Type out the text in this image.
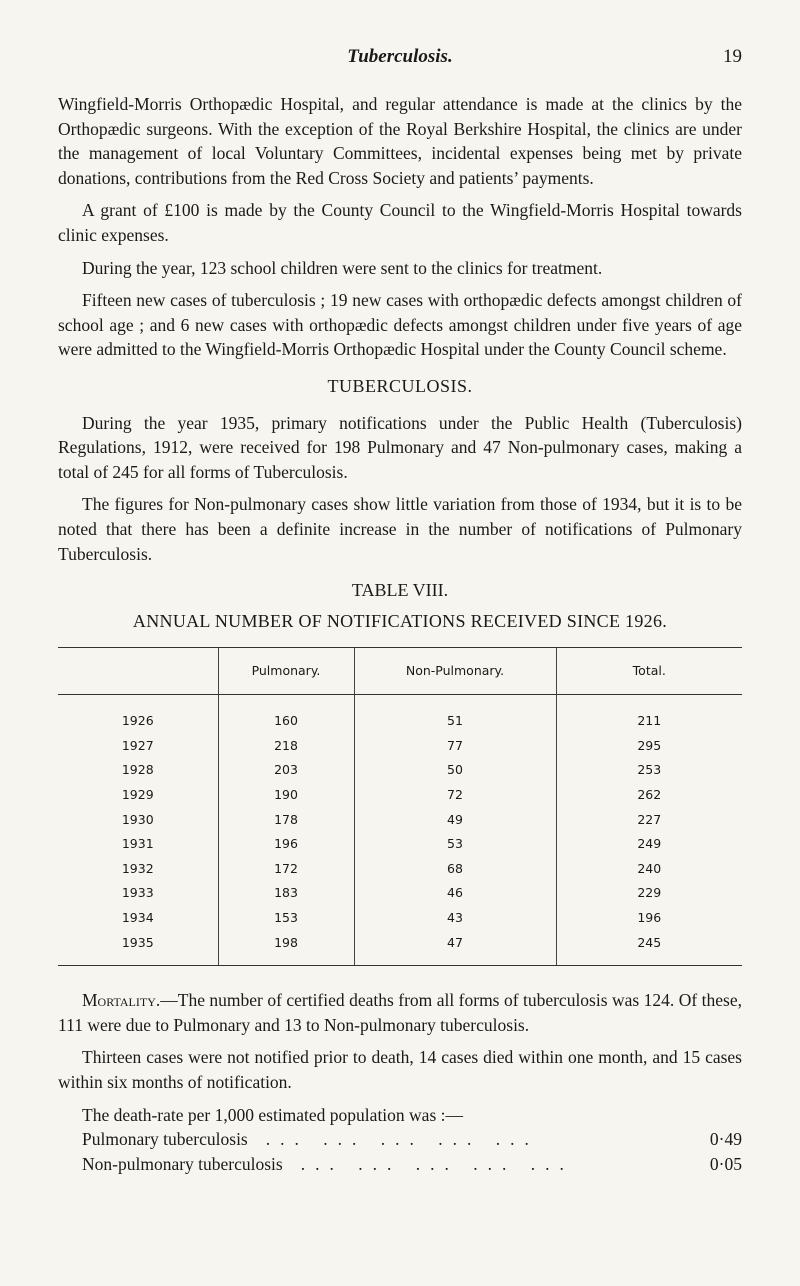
Tuberculosis.	19

Wingfield-Morris Orthopædic Hospital, and regular attendance is made at the clinics by the Orthopædic surgeons. With the exception of the Royal Berkshire Hospital, the clinics are under the management of local Voluntary Committees, incidental expenses being met by private donations, contributions from the Red Cross Society and patients’ payments.

A grant of £100 is made by the County Council to the Wingfield-Morris Hospital towards clinic expenses.

During the year, 123 school children were sent to the clinics for treatment.

Fifteen new cases of tuberculosis ; 19 new cases with orthopædic defects amongst children of school age ; and 6 new cases with orthopædic defects amongst children under five years of age were admitted to the Wingfield-Morris Orthopædic Hospital under the County Council scheme.

TUBERCULOSIS.

During the year 1935, primary notifications under the Public Health (Tuberculosis) Regulations, 1912, were received for 198 Pulmonary and 47 Non-pulmonary cases, making a total of 245 for all forms of Tuberculosis.

The figures for Non-pulmonary cases show little variation from those of 1934, but it is to be noted that there has been a definite increase in the number of notifications of Pulmonary Tuberculosis.

TABLE VIII.
ANNUAL NUMBER OF NOTIFICATIONS RECEIVED SINCE 1926.
	Pulmonary.	Non-Pulmonary.	Total.
1926	160	51	211
1927	218	77	295
1928	203	50	253
1929	190	72	262
1930	178	49	227
1931	196	53	249
1932	172	68	240
1933	183	46	229
1934	153	43	196
1935	198	47	245

Mortality.—The number of certified deaths from all forms of tuberculosis was 124. Of these, 111 were due to Pulmonary and 13 to Non-pulmonary tuberculosis.

Thirteen cases were not notified prior to death, 14 cases died within one month, and 15 cases within six months of notification.

The death-rate per 1,000 estimated population was :—

Pulmonary tuberculosis	... ... ... ... ...	0·49
Non-pulmonary tuberculosis	... ... ... ... ...	0·05
